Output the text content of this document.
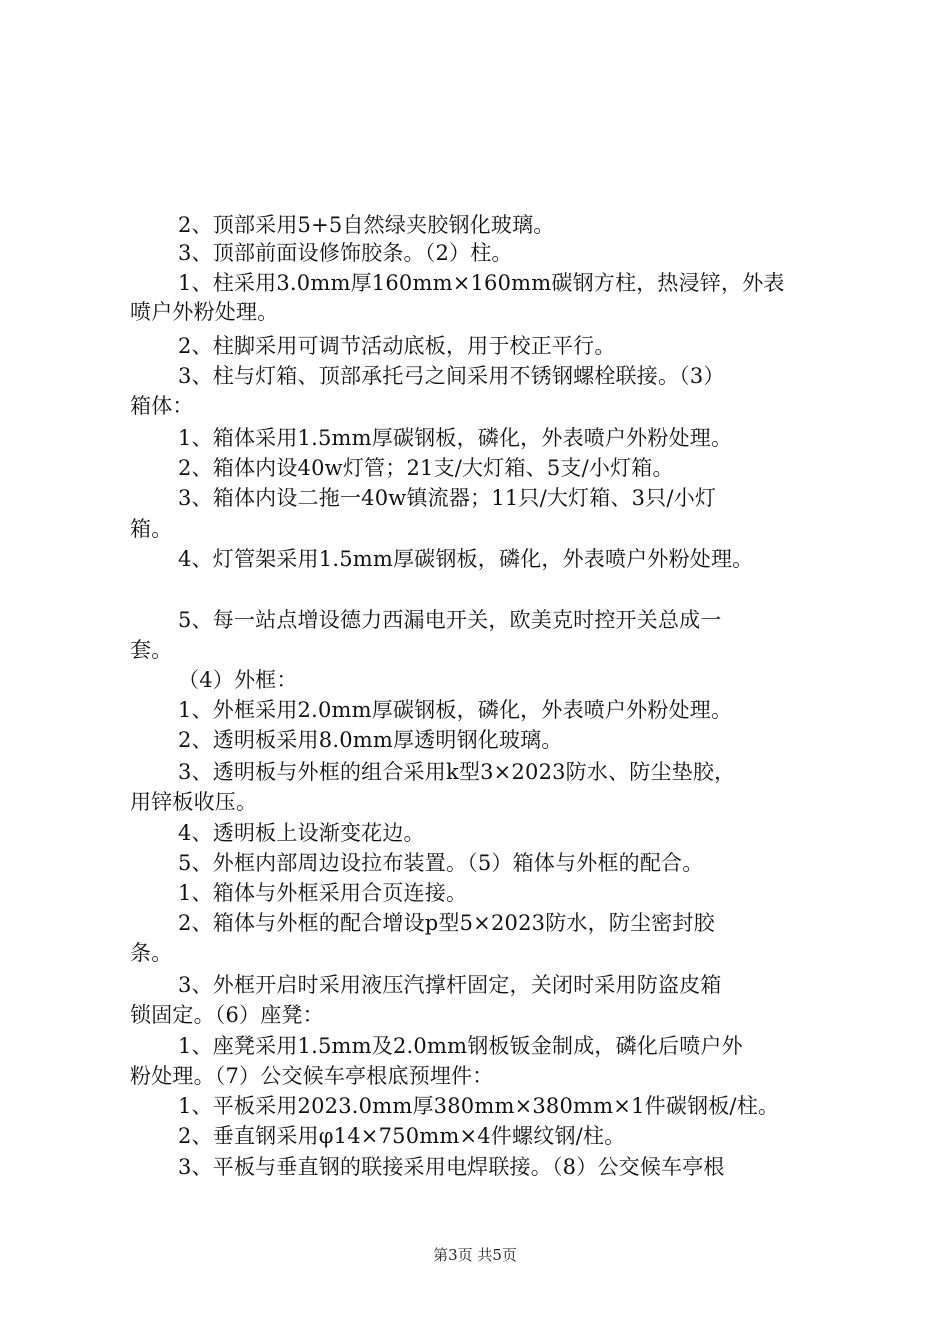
2、顶部采用5+5自然绿夹胶钢化玻璃。
3、顶部前面设修饰胶条。（2）柱。
1、柱采用3.0mm厚160mm×160mm碳钢方柱，热浸锌，外表
喷户外粉处理。
2、柱脚采用可调节活动底板，用于校正平行。
3、柱与灯箱、顶部承托弓之间采用不锈钢螺栓联接。（3）
箱体：
1、箱体采用1.5mm厚碳钢板，磷化，外表喷户外粉处理。
2、箱体内设40w灯管；21支/大灯箱、5支/小灯箱。
3、箱体内设二拖一40w镇流器；11只/大灯箱、3只/小灯
箱。
4、灯管架采用1.5mm厚碳钢板，磷化，外表喷户外粉处理。
5、每一站点增设德力西漏电开关，欧美克时控开关总成一
套。
（4）外框：
1、外框采用2.0mm厚碳钢板，磷化，外表喷户外粉处理。
2、透明板采用8.0mm厚透明钢化玻璃。
3、透明板与外框的组合采用k型3×2023防水、防尘垫胶，
用锌板收压。
4、透明板上设渐变花边。
5、外框内部周边设拉布装置。（5）箱体与外框的配合。
1、箱体与外框采用合页连接。
2、箱体与外框的配合增设p型5×2023防水，防尘密封胶
条。
3、外框开启时采用液压汽撑杆固定，关闭时采用防盗皮箱
锁固定。（6）座凳：
1、座凳采用1.5mm及2.0mm钢板钣金制成，磷化后喷户外
粉处理。（7）公交候车亭根底预埋件：
1、平板采用2023.0mm厚380mm×380mm×1件碳钢板/柱。
2、垂直钢采用φ14×750mm×4件螺纹钢/柱。
3、平板与垂直钢的联接采用电焊联接。（8）公交候车亭根
第3页 共5页
